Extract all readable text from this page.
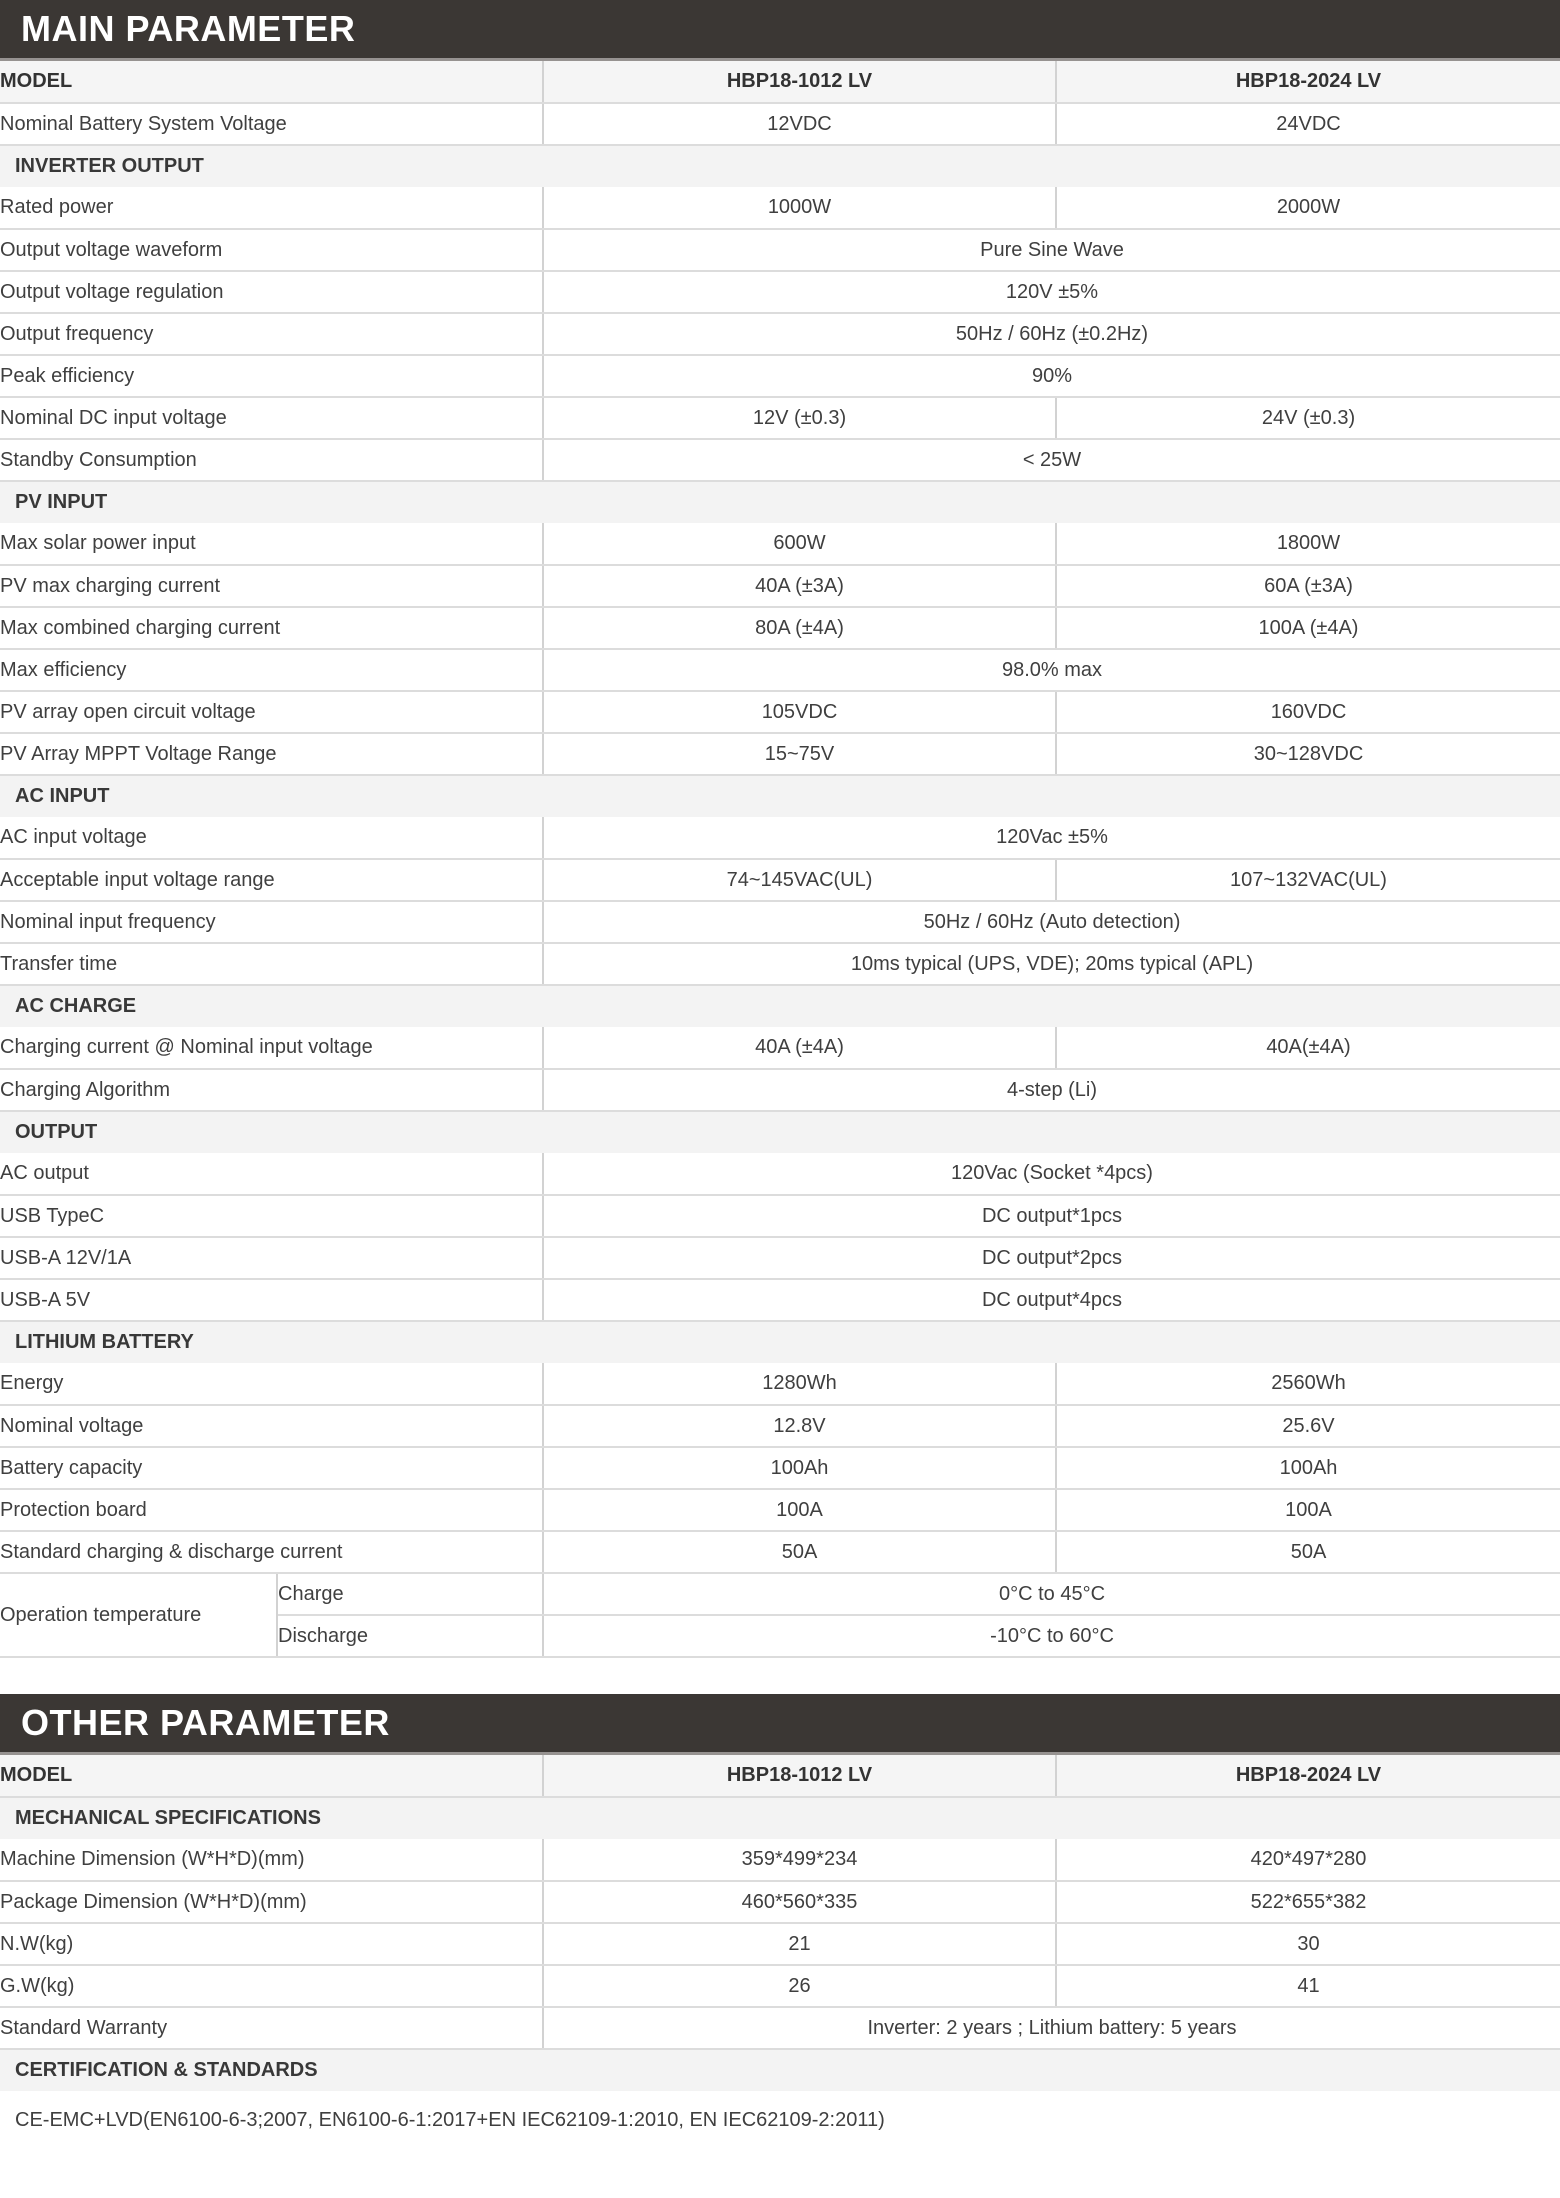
MAIN PARAMETER
MODEL		HBP18-1012 LV	HBP18-2024 LV
Nominal Battery System Voltage		12VDC	24VDC
INVERTER OUTPUT			
Rated power		1000W	2000W
Output voltage waveform		Pure Sine Wave	
Output voltage regulation		120V ±5%	
Output frequency		50Hz / 60Hz (±0.2Hz)	
Peak efficiency		90%	
Nominal DC input voltage		12V (±0.3)	24V (±0.3)
Standby Consumption		< 25W	
PV INPUT			
Max solar power input		600W	1800W
PV max charging current		40A (±3A)	60A (±3A)
Max combined charging current		80A (±4A)	100A (±4A)
Max efficiency		98.0% max	
PV array open circuit voltage		105VDC	160VDC
PV Array MPPT Voltage Range		15~75V	30~128VDC
AC INPUT			
AC input voltage		120Vac ±5%	
Acceptable input voltage range		74~145VAC(UL)	107~132VAC(UL)
Nominal input frequency		50Hz / 60Hz (Auto detection)	
Transfer time		10ms typical (UPS, VDE); 20ms typical (APL)	
AC CHARGE			
Charging current @ Nominal input voltage		40A (±4A)	40A(±4A)
Charging Algorithm		4-step (Li)	
OUTPUT			
AC output		120Vac (Socket *4pcs)	
USB TypeC		DC output*1pcs	
USB-A 12V/1A		DC output*2pcs	
USB-A 5V		DC output*4pcs	
LITHIUM BATTERY			
Energy		1280Wh	2560Wh
Nominal voltage		12.8V	25.6V
Battery capacity		100Ah	100Ah
Protection board		100A	100A
Standard charging & discharge current		50A	50A
Operation temperature	Charge	0°C to 45°C	
	Discharge	-10°C to 60°C	
OTHER PARAMETER
MODEL	HBP18-1012 LV	HBP18-2024 LV
MECHANICAL SPECIFICATIONS		
Machine Dimension (W*H*D)(mm)	359*499*234	420*497*280
Package Dimension (W*H*D)(mm)	460*560*335	522*655*382
N.W(kg)	21	30
G.W(kg)	26	41
Standard Warranty	Inverter: 2 years ; Lithium battery: 5 years	
CERTIFICATION & STANDARDS		
CE-EMC+LVD(EN6100-6-3;2007, EN6100-6-1:2017+EN IEC62109-1:2010, EN IEC62109-2:2011)		
